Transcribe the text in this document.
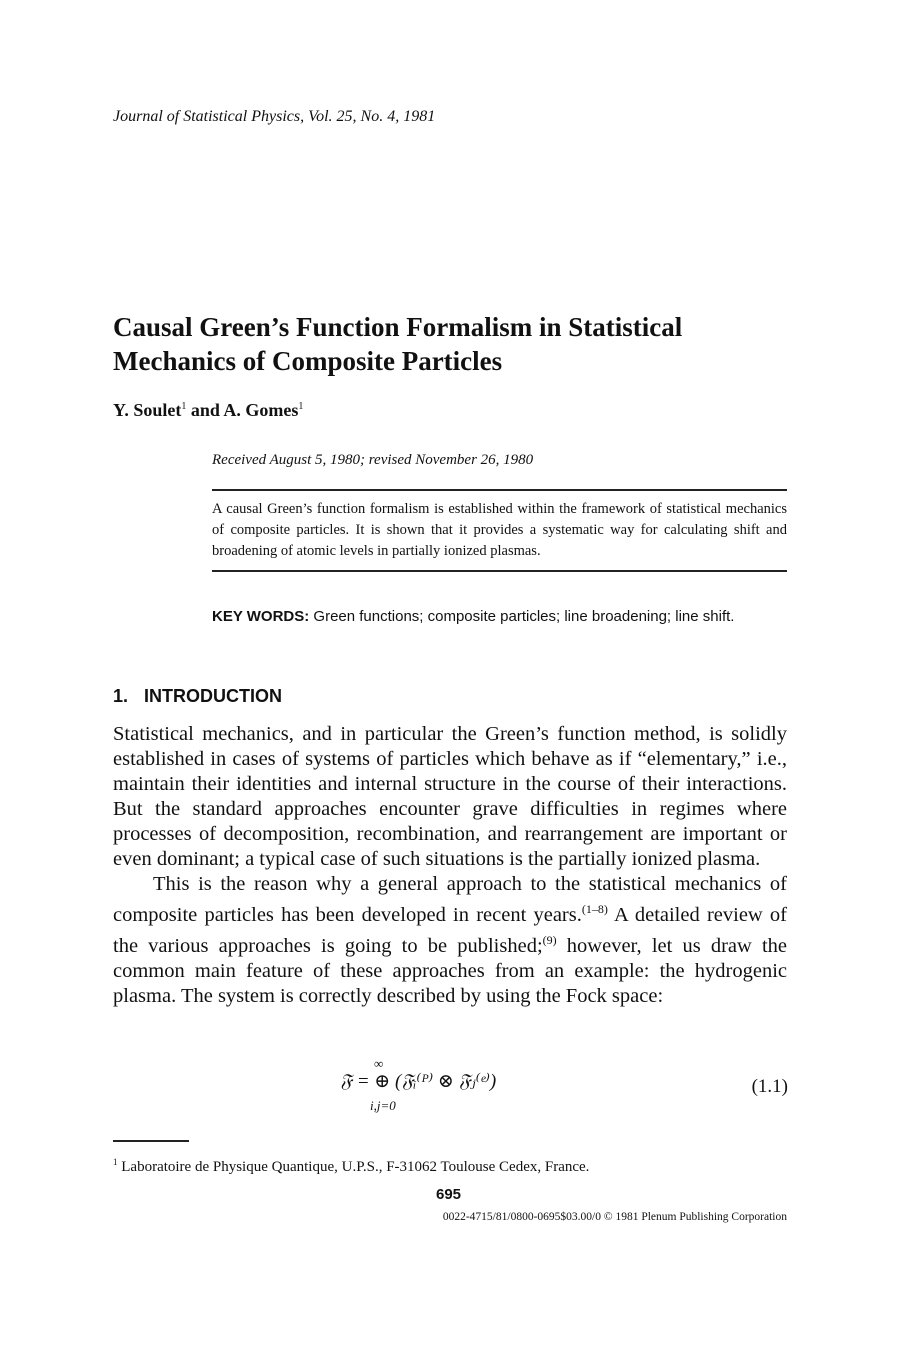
Journal of Statistical Physics, Vol. 25, No. 4, 1981
Causal Green’s Function Formalism in Statistical Mechanics of Composite Particles
Y. Soulet$^1$ and A. Gomes$^1$
Received August 5, 1980; revised November 26, 1980
A causal Green’s function formalism is established within the framework of statistical mechanics of composite particles. It is shown that it provides a systematic way for calculating shift and broadening of atomic levels in partially ionized plasmas.
KEY WORDS: Green functions; composite particles; line broadening; line shift.
1. INTRODUCTION

Statistical mechanics, and in particular the Green’s function method, is solidly established in cases of systems of particles which behave as if “elementary,” i.e., maintain their identities and internal structure in the course of their interactions. But the standard approaches encounter grave difficulties in regimes where processes of decomposition, recombination, and rearrangement are important or even dominant; a typical case of such situations is the partially ionized plasma.

This is the reason why a general approach to the statistical mechanics of composite particles has been developed in recent years.$^{(1-8)}$ A detailed review of the various approaches is going to be published;$^{(9)}$ however, let us draw the common main feature of these approaches from an example: the hydrogenic plasma. The system is correctly described by using the Fock space:

∞
𝔉 = ⊕ (𝔉ᵢ⁽ᴾ⁾ ⊗ 𝔉ⱼ⁽ᵉ⁾)
i,j=0
(1.1)
$^1$ Laboratoire de Physique Quantique, U.P.S., F-31062 Toulouse Cedex, France.
695
0022-4715/81/0800-0695$03.00/0 © 1981 Plenum Publishing Corporation
